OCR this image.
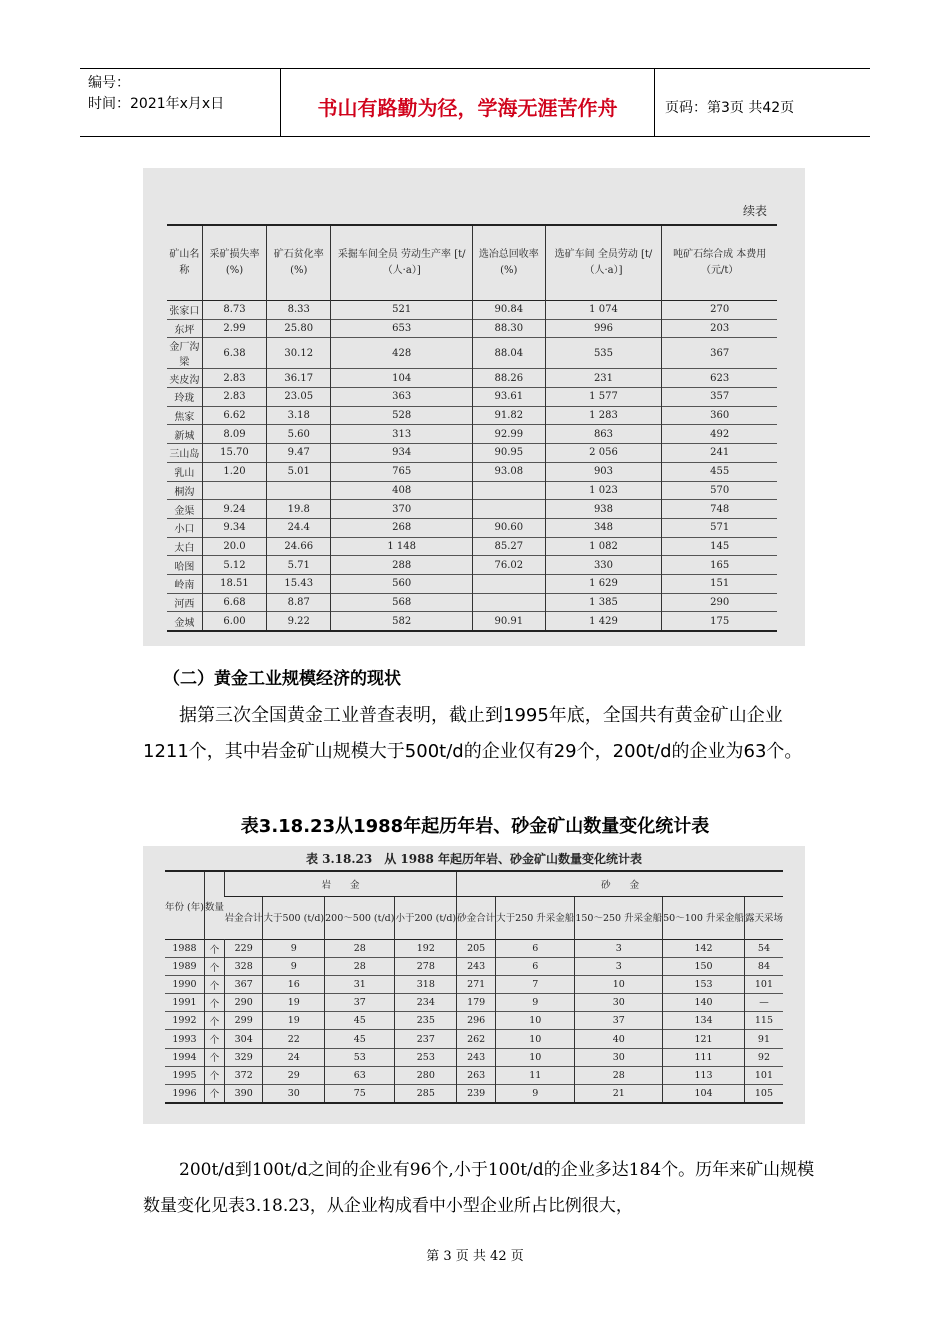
编号：
时间：2021年x月x日	书山有路勤为径，学海无涯苦作舟	页码：第3页 共42页
续表
矿山名称	采矿损失率 (%)	矿石贫化率 (%)	采掘车间全员 劳动生产率 [t/（人·a）]	选冶总回收率 (%)	选矿车间 全员劳动 [t/（人·a）]	吨矿石综合成 本费用（元/t）
张家口	8.73	8.33	521	90.84	1 074	270
东坪	2.99	25.80	653	88.30	996	203
金厂沟梁	6.38	30.12	428	88.04	535	367
夹皮沟	2.83	36.17	104	88.26	231	623
玲珑	2.83	23.05	363	93.61	1 577	357
焦家	6.62	3.18	528	91.82	1 283	360
新城	8.09	5.60	313	92.99	863	492
三山岛	15.70	9.47	934	90.95	2 056	241
乳山	1.20	5.01	765	93.08	903	455
桐沟			408		1 023	570
金渠	9.24	19.8	370		938	748
小口	9.34	24.4	268	90.60	348	571
太白	20.0	24.66	1 148	85.27	1 082	145
哈图	5.12	5.71	288	76.02	330	165
岭南	18.51	15.43	560		1 629	151
河西	6.68	8.87	568		1 385	290
金城	6.00	9.22	582	90.91	1 429	175
（二）黄金工业规模经济的现状
据第三次全国黄金工业普查表明，截止到1995年底，全国共有黄金矿山企业1211个，其中岩金矿山规模大于500t/d的企业仅有29个，200t/d的企业为63个。
表3.18.23从1988年起历年岩、砂金矿山数量变化统计表
表 3.18.23　从 1988 年起历年岩、砂金矿山数量变化统计表
年份 (年)	数量	岩　　金				砂　　金				
		岩金合计	大于500 (t/d)	200～500 (t/d)	小于200 (t/d)	砂金合计	大于250 升采金船	150～250 升采金船	50～100 升采金船	露天采场
1988	个	229	9	28	192	205	6	3	142	54
1989	个	328	9	28	278	243	6	3	150	84
1990	个	367	16	31	318	271	7	10	153	101
1991	个	290	19	37	234	179	9	30	140	—
1992	个	299	19	45	235	296	10	37	134	115
1993	个	304	22	45	237	262	10	40	121	91
1994	个	329	24	53	253	243	10	30	111	92
1995	个	372	29	63	280	263	11	28	113	101
1996	个	390	30	75	285	239	9	21	104	105
200t/d到100t/d之间的企业有96个,小于100t/d的企业多达184个。历年来矿山规模数量变化见表3.18.23，从企业构成看中小型企业所占比例很大，
第 3 页 共 42 页
